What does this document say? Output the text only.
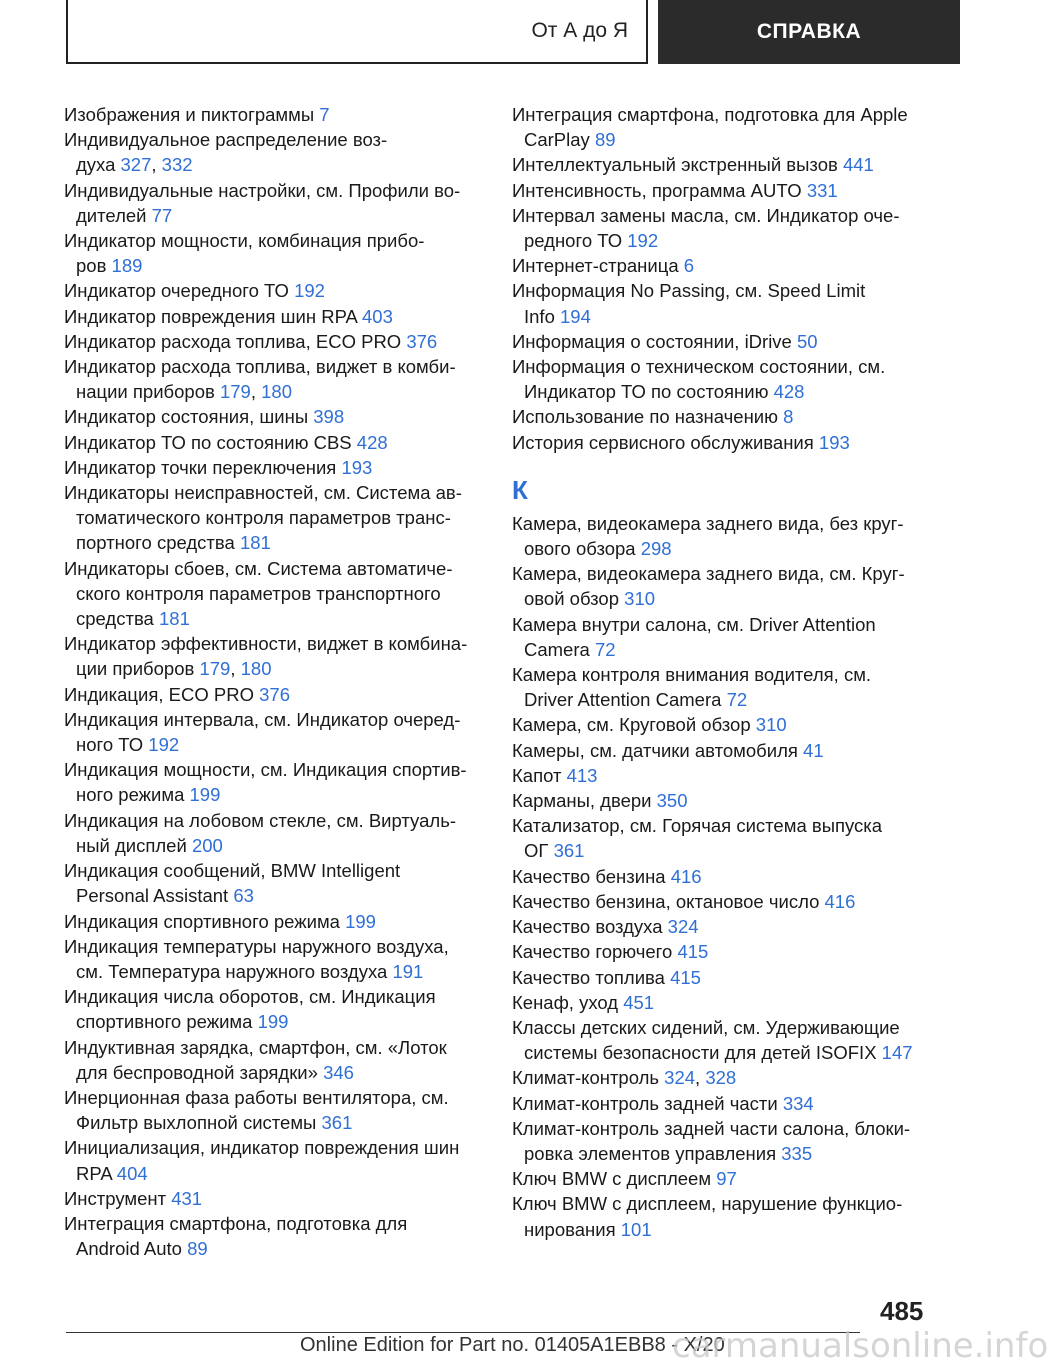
От А до Я	СПРАВКА
Изображения и пиктограммы 7
Индивидуальное распределение воз-
духа 327, 332
Индивидуальные настройки, см. Профили во-
дителей 77
Индикатор мощности, комбинация прибо-
ров 189
Индикатор очередного ТО 192
Индикатор повреждения шин RPA 403
Индикатор расхода топлива, ECO PRO 376
Индикатор расхода топлива, виджет в комби-
нации приборов 179, 180
Индикатор состояния, шины 398
Индикатор ТО по состоянию CBS 428
Индикатор точки переключения 193
Индикаторы неисправностей, см. Система ав-
томатического контроля параметров транс-
портного средства 181
Индикаторы сбоев, см. Система автоматиче-
ского контроля параметров транспортного
средства 181
Индикатор эффективности, виджет в комбина-
ции приборов 179, 180
Индикация, ECO PRO 376
Индикация интервала, см. Индикатор очеред-
ного ТО 192
Индикация мощности, см. Индикация спортив-
ного режима 199
Индикация на лобовом стекле, см. Виртуаль-
ный дисплей 200
Индикация сообщений, BMW Intelligent
Personal Assistant 63
Индикация спортивного режима 199
Индикация температуры наружного воздуха,
см. Температура наружного воздуха 191
Индикация числа оборотов, см. Индикация
спортивного режима 199
Индуктивная зарядка, смартфон, см. «Лоток
для беспроводной зарядки» 346
Инерционная фаза работы вентилятора, см.
Фильтр выхлопной системы 361
Инициализация, индикатор повреждения шин
RPA 404
Инструмент 431
Интеграция смартфона, подготовка для
Android Auto 89
Интеграция смартфона, подготовка для Apple
CarPlay 89
Интеллектуальный экстренный вызов 441
Интенсивность, программа AUTO 331
Интервал замены масла, см. Индикатор оче-
редного ТО 192
Интернет-страница 6
Информация No Passing, см. Speed Limit
Info 194
Информация о состоянии, iDrive 50
Информация о техническом состоянии, см.
Индикатор ТО по состоянию 428
Использование по назначению 8
История сервисного обслуживания 193
К
Камера, видеокамера заднего вида, без круг-
ового обзора 298
Камера, видеокамера заднего вида, см. Круг-
овой обзор 310
Камера внутри салона, см. Driver Attention
Camera 72
Камера контроля внимания водителя, см.
Driver Attention Camera 72
Камера, см. Круговой обзор 310
Камеры, см. датчики автомобиля 41
Капот 413
Карманы, двери 350
Катализатор, см. Горячая система выпуска
ОГ 361
Качество бензина 416
Качество бензина, октановое число 416
Качество воздуха 324
Качество горючего 415
Качество топлива 415
Кенаф, уход 451
Классы детских сидений, см. Удерживающие
системы безопасности для детей ISOFIX 147
Климат-контроль 324, 328
Климат-контроль задней части 334
Климат-контроль задней части салона, блоки-
ровка элементов управления 335
Ключ BMW с дисплеем 97
Ключ BMW с дисплеем, нарушение функцио-
нирования 101
485
Online Edition for Part no. 01405A1EBB8 - X/20
carmanualsonline.info
